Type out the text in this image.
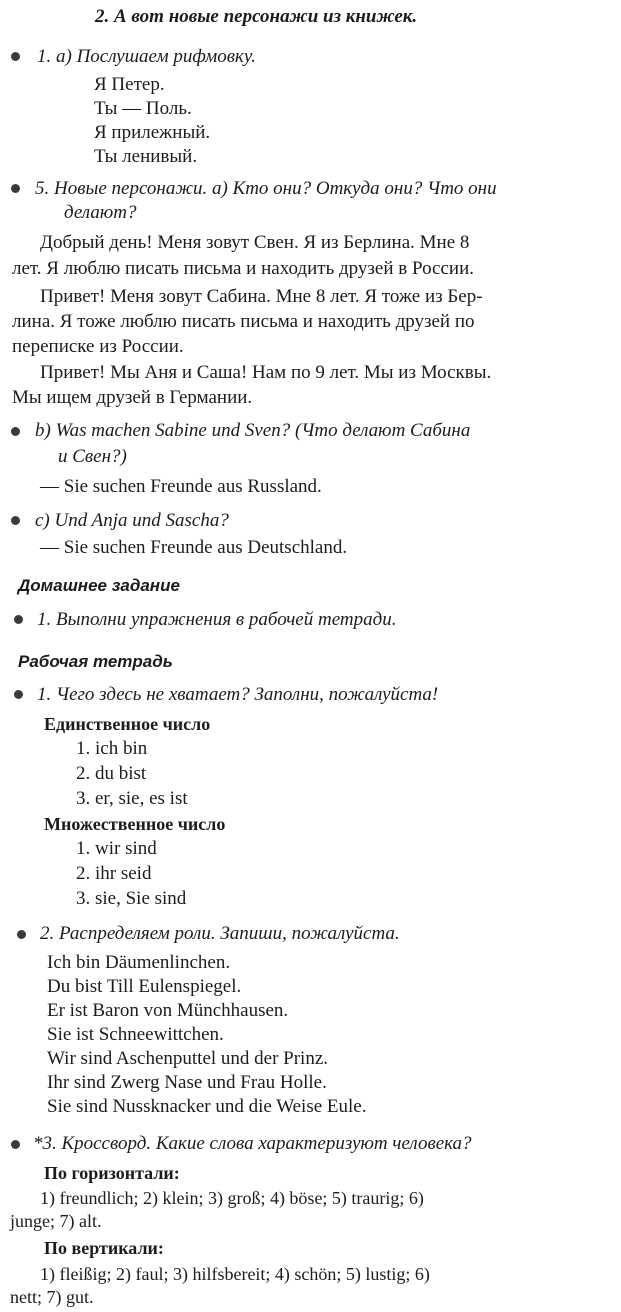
2. А вот новые персонажи из книжек.
1. а) Послушаем рифмовку.
Я Петер.
Ты — Поль.
Я прилежный.
Ты ленивый.
5. Новые персонажи. а) Кто они? Откуда они? Что они
делают?
Добрый день! Меня зовут Свен. Я из Берлина. Мне 8
лет. Я люблю писать письма и находить друзей в России.
Привет! Меня зовут Сабина. Мне 8 лет. Я тоже из Бер-
лина. Я тоже люблю писать письма и находить друзей по
переписке из России.
Привет! Мы Аня и Саша! Нам по 9 лет. Мы из Москвы.
Мы ищем друзей в Германии.
b) Was machen Sabine und Sven? (Что делают Сабина
и Свен?)
— Sie suchen Freunde aus Russland.
c) Und Anja und Sascha?
— Sie suchen Freunde aus Deutschland.
Домашнее задание
1. Выполни упражнения в рабочей тетради.
Рабочая тетрадь
1. Чего здесь не хватает? Заполни, пожалуйста!
Единственное число
1. ich bin
2. du bist
3. er, sie, es ist
Множественное число
1. wir sind
2. ihr seid
3. sie, Sie sind
2. Распределяем роли. Запиши, пожалуйста.
Ich bin Däumenlinchen.
Du bist Till Eulenspiegel.
Er ist Baron von Münchhausen.
Sie ist Schneewittchen.
Wir sind Aschenputtel und der Prinz.
Ihr sind Zwerg Nase und Frau Holle.
Sie sind Nussknacker und die Weise Eule.
*3. Кроссворд. Какие слова характеризуют человека?
По горизонтали:
1) freundlich; 2) klein; 3) groß; 4) böse; 5) traurig; 6)
junge; 7) alt.
По вертикали:
1) fleißig; 2) faul; 3) hilfsbereit; 4) schön; 5) lustig; 6)
nett; 7) gut.
